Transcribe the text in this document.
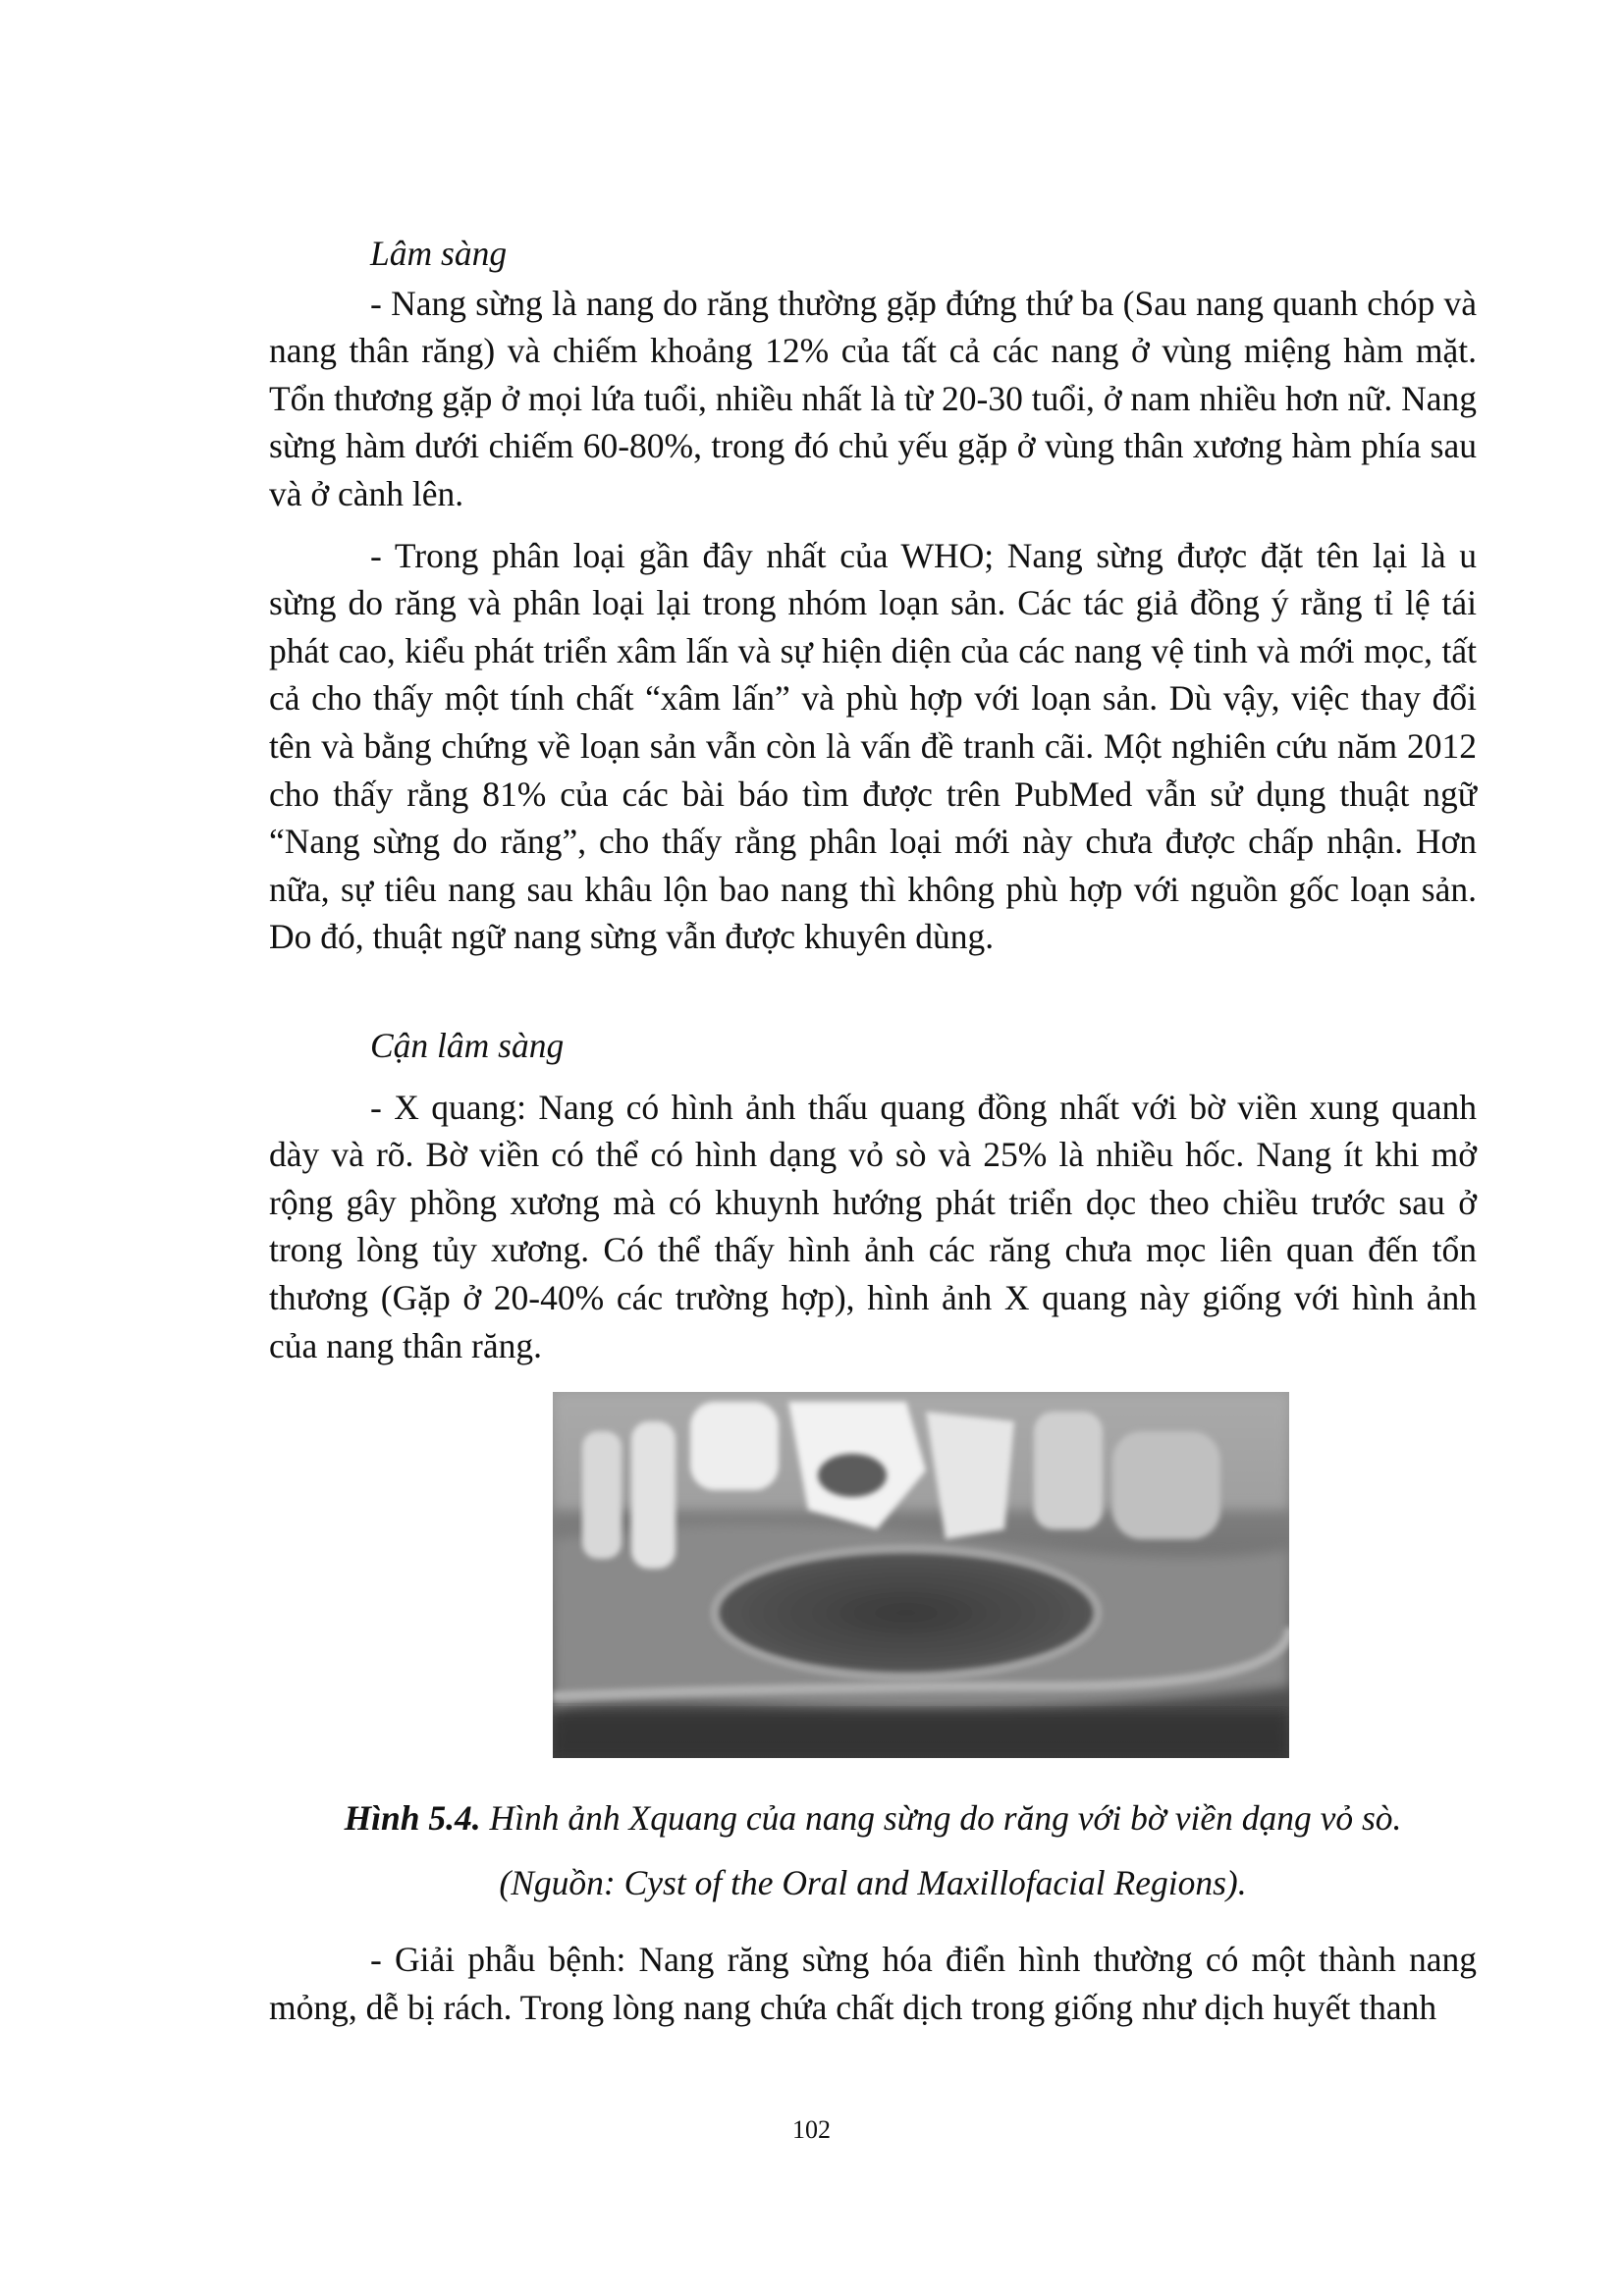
Lâm sàng

- Nang sừng là nang do răng thường gặp đứng thứ ba (Sau nang quanh chóp và nang thân răng) và chiếm khoảng 12% của tất cả các nang ở vùng miệng hàm mặt. Tổn thương gặp ở mọi lứa tuổi, nhiều nhất là từ 20-30 tuổi, ở nam nhiều hơn nữ. Nang sừng hàm dưới chiếm 60-80%, trong đó chủ yếu gặp ở vùng thân xương hàm phía sau và ở cành lên.

- Trong phân loại gần đây nhất của WHO; Nang sừng được đặt tên lại là u sừng do răng và phân loại lại trong nhóm loạn sản. Các tác giả đồng ý rằng tỉ lệ tái phát cao, kiểu phát triển xâm lấn và sự hiện diện của các nang vệ tinh và mới mọc, tất cả cho thấy một tính chất “xâm lấn” và phù hợp với loạn sản. Dù vậy, việc thay đổi tên và bằng chứng về loạn sản vẫn còn là vấn đề tranh cãi. Một nghiên cứu năm 2012 cho thấy rằng 81% của các bài báo tìm được trên PubMed vẫn sử dụng thuật ngữ “Nang sừng do răng”, cho thấy rằng phân loại mới này chưa được chấp nhận. Hơn nữa, sự tiêu nang sau khâu lộn bao nang thì không phù hợp với nguồn gốc loạn sản. Do đó, thuật ngữ nang sừng vẫn được khuyên dùng.

Cận lâm sàng

- X quang: Nang có hình ảnh thấu quang đồng nhất với bờ viền xung quanh dày và rõ. Bờ viền có thể có hình dạng vỏ sò và 25% là nhiều hốc. Nang ít khi mở rộng gây phồng xương mà có khuynh hướng phát triển dọc theo chiều trước sau ở trong lòng tủy xương. Có thể thấy hình ảnh các răng chưa mọc liên quan đến tổn thương (Gặp ở 20-40% các trường hợp), hình ảnh X quang này giống với hình ảnh của nang thân răng.

Hình 5.4. Hình ảnh Xquang của nang sừng do răng với bờ viền dạng vỏ sò.
(Nguồn: Cyst of the Oral and Maxillofacial Regions).

- Giải phẫu bệnh: Nang răng sừng hóa điển hình thường có một thành nang mỏng, dễ bị rách. Trong lòng nang chứa chất dịch trong giống như dịch huyết thanh

102
